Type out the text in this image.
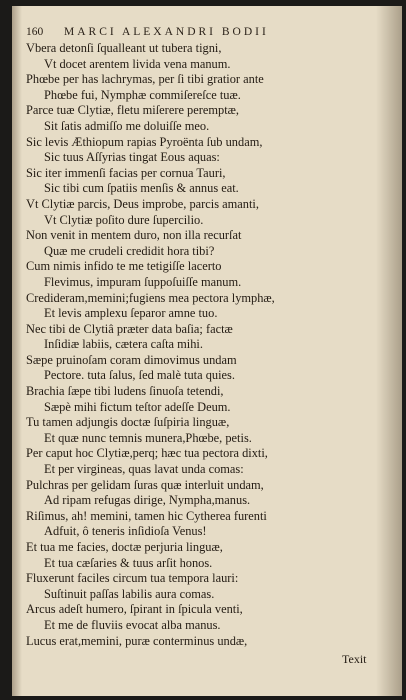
160 MARCI ALEXANDRI BODII
Vbera detonſi ſqualleant ut tubera tigni,
Vt docet arentem livida vena manum.
Phœbe per has lachrymas, per ſi tibi gratior ante
Phœbe fui, Nymphæ commiſereſce tuæ.
Parce tuæ Clytiæ, fletu miſerere peremptæ,
Sit ſatis admiſſo me doluiſſe meo.
Sic levis Æthiopum rapias Pyroënta ſub undam,
Sic tuus Aſſyrias tingat Eous aquas:
Sic iter immenſi facias per cornua Tauri,
Sic tibi cum ſpatiis menſis & annus eat.
Vt Clytiæ parcis, Deus improbe, parcis amanti,
Vt Clytiæ poſito dure ſupercilio.
Non venit in mentem duro, non illa recurſat
Quæ me crudeli credidit hora tibi?
Cum nimis infido te me tetigiſſe lacerto
Flevimus, impuram ſuppoſuiſſe manum.
Credideram,memini;fugiens mea pectora lymphæ,
Et levis amplexu ſeparor amne tuo.
Nec tibi de Clytiâ præter data baſia; factæ
Inſidiæ labiis, cætera caſta mihi.
Sæpe pruinoſam coram dimovimus undam
Pectore. tuta ſalus, ſed malè tuta quies.
Brachia ſæpe tibi ludens ſinuoſa tetendi,
Sæpè mihi fictum teſtor adeſſe Deum.
Tu tamen adjungis doctæ ſuſpiria linguæ,
Et quæ nunc temnis munera,Phœbe, petis.
Per caput hoc Clytiæ,perq; hæc tua pectora dixti,
Et per virgineas, quas lavat unda comas:
Pulchras per gelidam ſuras quæ interluit undam,
Ad ripam refugas dirige, Nympha,manus.
Riſimus, ah! memini, tamen hic Cytherea furenti
Adfuit, ô teneris inſidioſa Venus!
Et tua me facies, doctæ perjuria linguæ,
Et tua cæſaries & tuus arſit honos.
Fluxerunt faciles circum tua tempora lauri:
Suſtinuit paſſas labilis aura comas.
Arcus adeſt humero, ſpirant in ſpicula venti,
Et me de fluviis evocat alba manus.
Lucus erat,memini, puræ conterminus undæ,
Texit
